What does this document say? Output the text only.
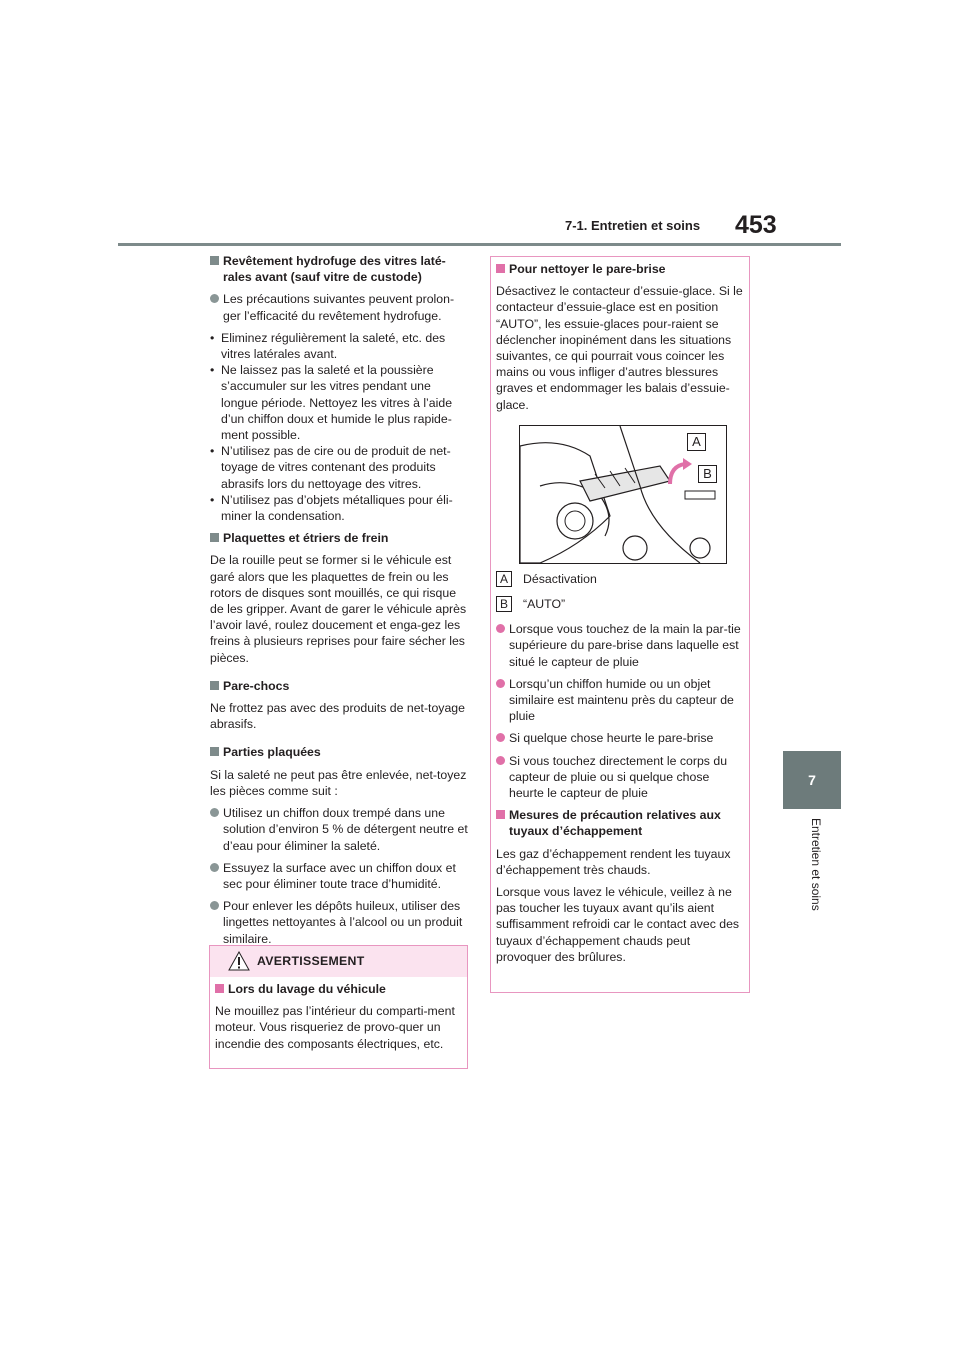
7-1. Entretien et soins 453
7
Entretien et soins
Revêtement hydrofuge des vitres laté-rales avant (sauf vitre de custode)
Les précautions suivantes peuvent prolon-ger l’efficacité du revêtement hydrofuge.
• Eliminez régulièrement la saleté, etc. des vitres latérales avant.
• Ne laissez pas la saleté et la poussière s’accumuler sur les vitres pendant une longue période. Nettoyez les vitres à l’aide d’un chiffon doux et humide le plus rapide-ment possible.
• N’utilisez pas de cire ou de produit de net-toyage de vitres contenant des produits abrasifs lors du nettoyage des vitres.
• N’utilisez pas d’objets métalliques pour éli-miner la condensation.
Plaquettes et étriers de frein
De la rouille peut se former si le véhicule est garé alors que les plaquettes de frein ou les rotors de disques sont mouillés, ce qui risque de les gripper. Avant de garer le véhicule après l’avoir lavé, roulez doucement et enga-gez les freins à plusieurs reprises pour faire sécher les pièces.
Pare-chocs
Ne frottez pas avec des produits de net-toyage abrasifs.
Parties plaquées
Si la saleté ne peut pas être enlevée, net-toyez les pièces comme suit :
Utilisez un chiffon doux trempé dans une solution d’environ 5 % de détergent neutre et d’eau pour éliminer la saleté.
Essuyez la surface avec un chiffon doux et sec pour éliminer toute trace d’humidité.
Pour enlever les dépôts huileux, utiliser des lingettes nettoyantes à l’alcool ou un produit similaire.
AVERTISSEMENT
Lors du lavage du véhicule
Ne mouillez pas l’intérieur du comparti-ment moteur. Vous risqueriez de provo-quer un incendie des composants électriques, etc.
Pour nettoyer le pare-brise
Désactivez le contacteur d’essuie-glace. Si le contacteur d’essuie-glace est en position “AUTO”, les essuie-glaces pour-raient se déclencher inopinément dans les situations suivantes, ce qui pourrait vous coincer les mains ou vous infliger d’autres blessures graves et endommager les balais d’essuie-glace.
A
B
A	Désactivation
B	“AUTO”
Lorsque vous touchez de la main la par-tie supérieure du pare-brise dans laquelle est situé le capteur de pluie
Lorsqu’un chiffon humide ou un objet similaire est maintenu près du capteur de pluie
Si quelque chose heurte le pare-brise
Si vous touchez directement le corps du capteur de pluie ou si quelque chose heurte le capteur de pluie
Mesures de précaution relatives aux tuyaux d’échappement
Les gaz d’échappement rendent les tuyaux d’échappement très chauds.
Lorsque vous lavez le véhicule, veillez à ne pas toucher les tuyaux avant qu’ils aient suffisamment refroidi car le contact avec des tuyaux d’échappement chauds peut provoquer des brûlures.
